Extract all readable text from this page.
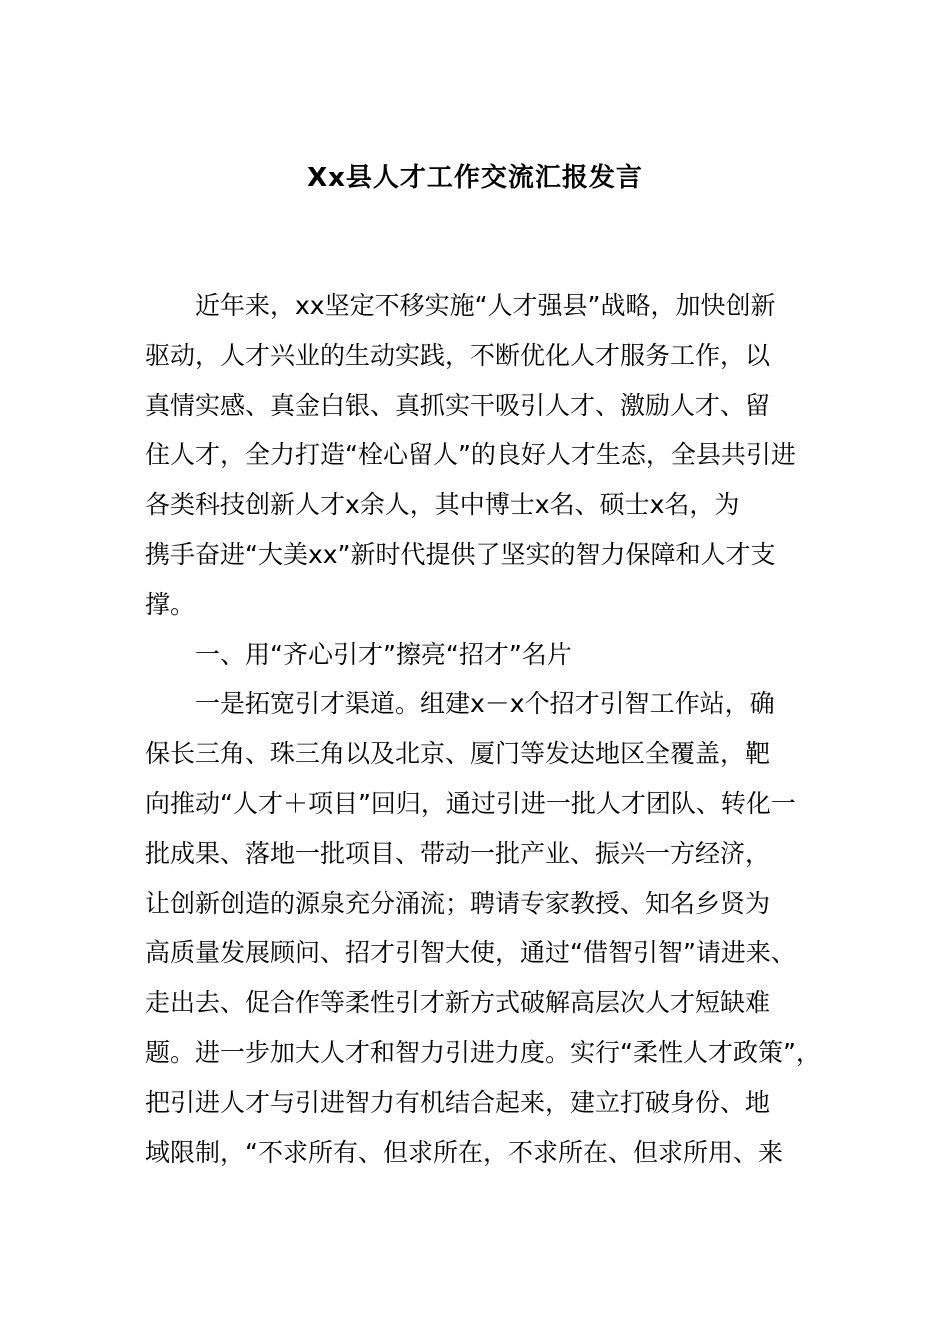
Xx县人才工作交流汇报发言
近年来，xx坚定不移实施“人才强县”战略，加快创新
驱动，人才兴业的生动实践，不断优化人才服务工作，以
真情实感、真金白银、真抓实干吸引人才、激励人才、留
住人才，全力打造“栓心留人”的良好人才生态，全县共引进
各类科技创新人才x余人，其中博士x名、硕士x名，为
携手奋进“大美xx”新时代提供了坚实的智力保障和人才支
撑。
一、用“齐心引才”擦亮“招才”名片
一是拓宽引才渠道。组建x－x个招才引智工作站，确
保长三角、珠三角以及北京、厦门等发达地区全覆盖，靶
向推动“人才＋项目”回归，通过引进一批人才团队、转化一
批成果、落地一批项目、带动一批产业、振兴一方经济，
让创新创造的源泉充分涌流；聘请专家教授、知名乡贤为
高质量发展顾问、招才引智大使，通过“借智引智”请进来、
走出去、促合作等柔性引才新方式破解高层次人才短缺难
题。进一步加大人才和智力引进力度。实行“柔性人才政策”，
把引进人才与引进智力有机结合起来，建立打破身份、地
域限制，“不求所有、但求所在，不求所在、但求所用、来
